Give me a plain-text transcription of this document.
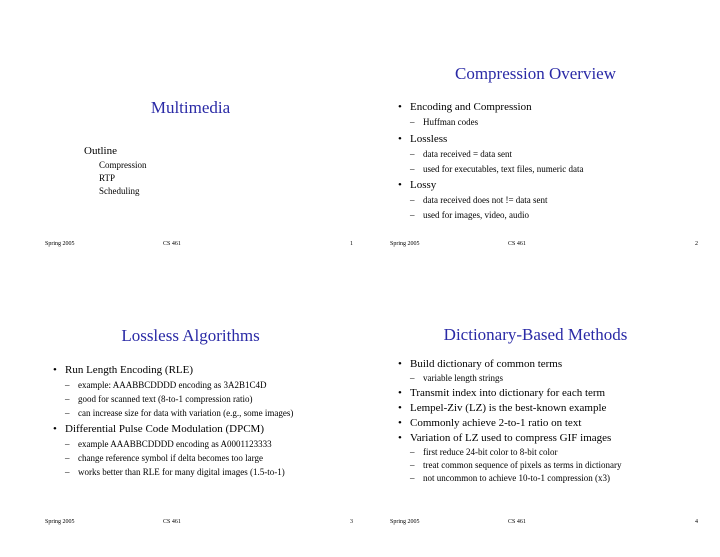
Multimedia

Outline

Compression
RTP
Scheduling
Spring 2005	CS 461	1
Compression Overview
• Encoding and Compression
– Huffman codes
• Lossless
– data received = data sent
– used for executables, text files, numeric data
• Lossy
– data received does not != data sent
– used for images, video, audio
Spring 2005	CS 461	2
Lossless Algorithms
• Run Length Encoding (RLE)
– example: AAABBCDDDD encoding as 3A2B1C4D
– good for scanned text (8-to-1 compression ratio)
– can increase size for data with variation (e.g., some images)
• Differential Pulse Code Modulation (DPCM)
– example AAABBCDDDD encoding as A0001123333
– change reference symbol if delta becomes too large
– works better than RLE for many digital images (1.5-to-1)
Spring 2005	CS 461	3
Dictionary-Based Methods
• Build dictionary of common terms
– variable length strings
• Transmit index into dictionary for each term
• Lempel-Ziv (LZ) is the best-known example
• Commonly achieve 2-to-1 ratio on text
• Variation of LZ used to compress GIF images
– first reduce 24-bit color to 8-bit color
– treat common sequence of pixels as terms in dictionary
– not uncommon to achieve 10-to-1 compression (x3)
Spring 2005	CS 461	4
